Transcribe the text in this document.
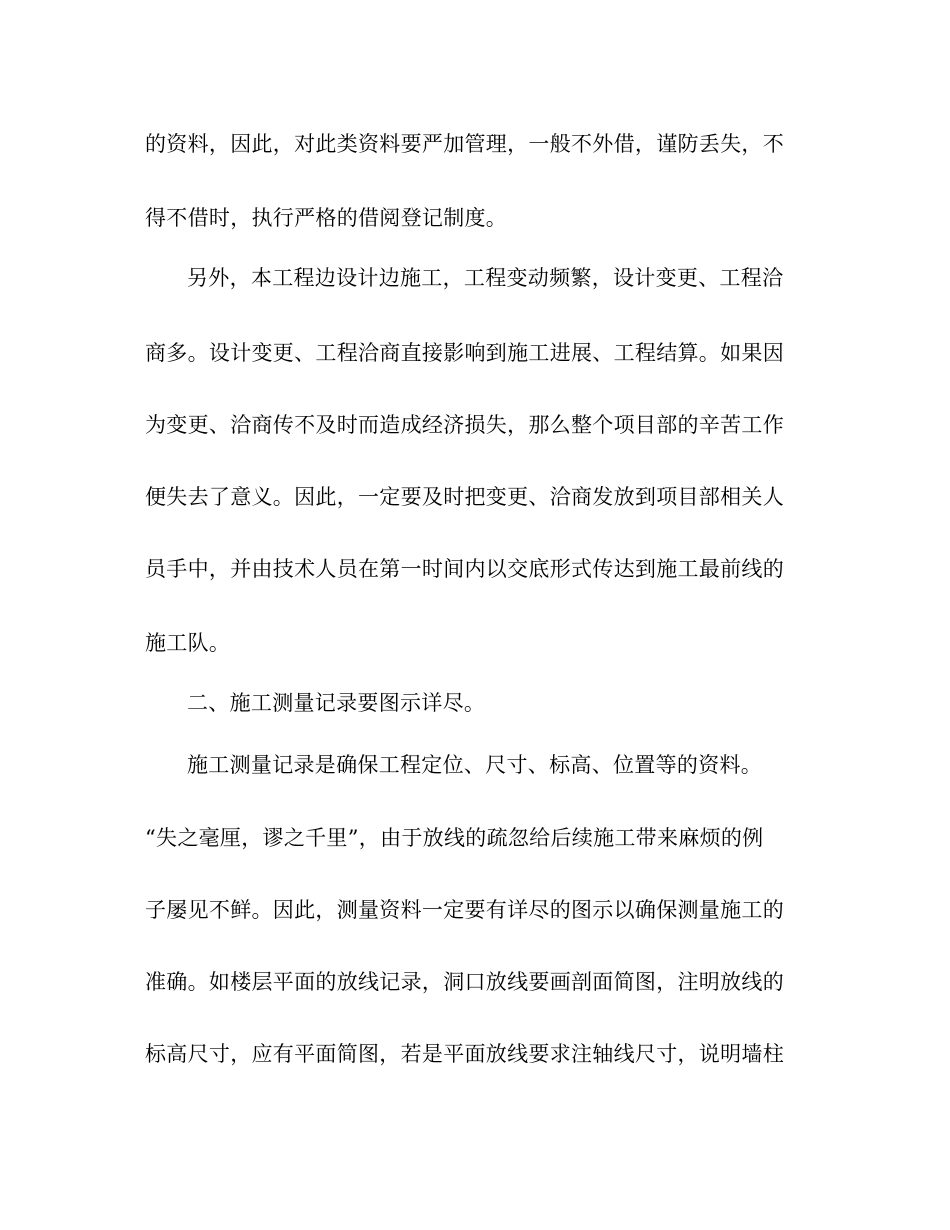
的资料，因此，对此类资料要严加管理，一般不外借，谨防丢失，不
得不借时，执行严格的借阅登记制度。
另外，本工程边设计边施工，工程变动频繁，设计变更、工程洽
商多。设计变更、工程洽商直接影响到施工进展、工程结算。如果因
为变更、洽商传不及时而造成经济损失，那么整个项目部的辛苦工作
便失去了意义。因此，一定要及时把变更、洽商发放到项目部相关人
员手中，并由技术人员在第一时间内以交底形式传达到施工最前线的
施工队。
二、施工测量记录要图示详尽。
施工测量记录是确保工程定位、尺寸、标高、位置等的资料。
“失之毫厘，谬之千里”，由于放线的疏忽给后续施工带来麻烦的例
子屡见不鲜。因此，测量资料一定要有详尽的图示以确保测量施工的
准确。如楼层平面的放线记录，洞口放线要画剖面简图，注明放线的
标高尺寸，应有平面简图，若是平面放线要求注轴线尺寸，说明墙柱
